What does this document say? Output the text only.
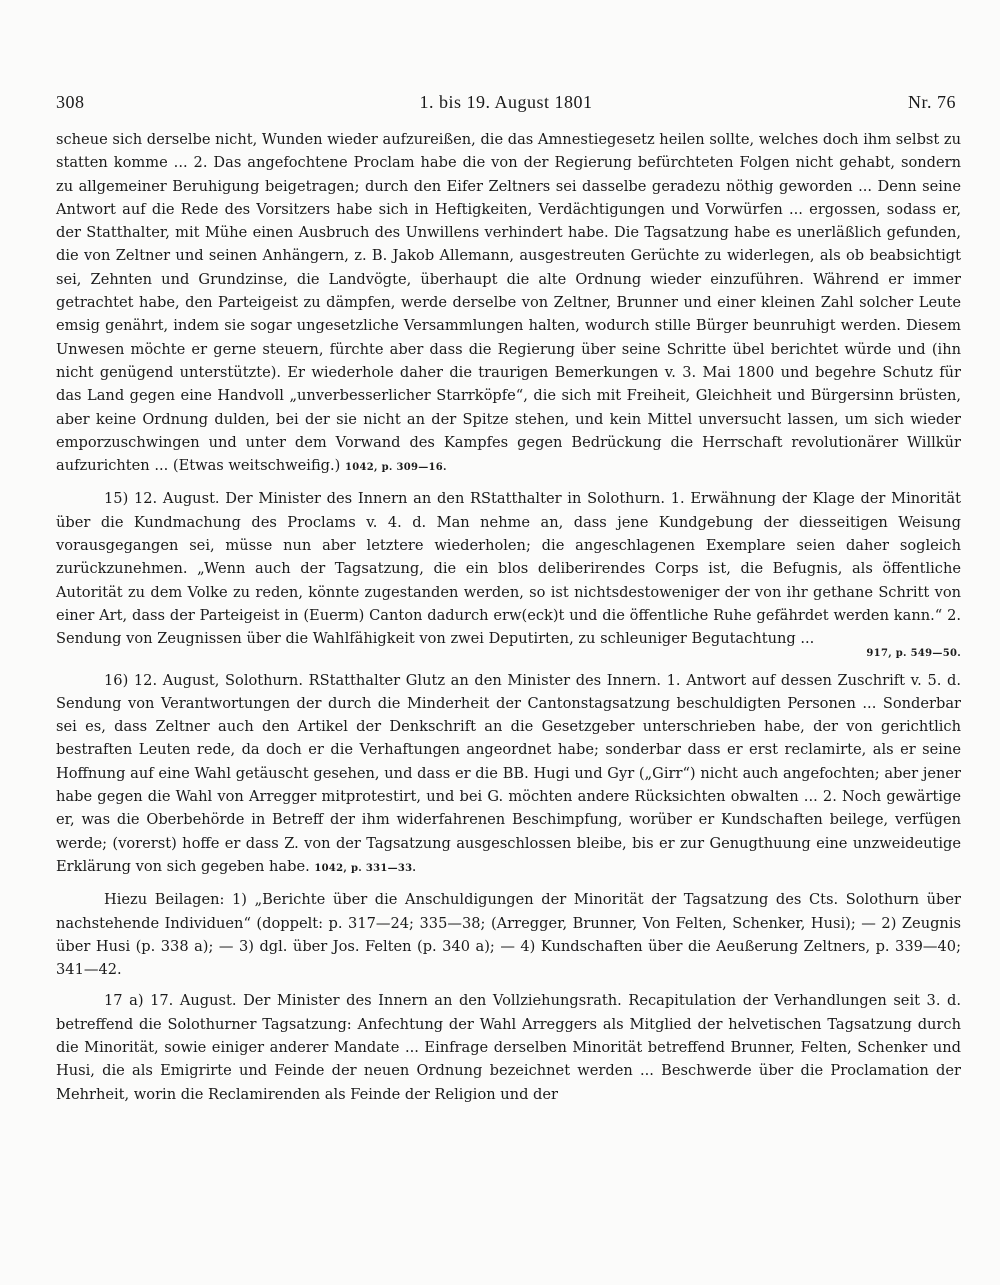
308	1. bis 19. August 1801	Nr. 76

scheue sich derselbe nicht, Wunden wieder aufzureißen, die das Amnestiegesetz heilen sollte, welches doch ihm selbst zu statten komme ... 2. Das angefochtene Proclam habe die von der Regierung befürchteten Folgen nicht gehabt, sondern zu allgemeiner Beruhigung beigetragen; durch den Eifer Zeltners sei dasselbe geradezu nöthig geworden ... Denn seine Antwort auf die Rede des Vorsitzers habe sich in Heftigkeiten, Verdächtigungen und Vorwürfen ... ergossen, sodass er, der Statthalter, mit Mühe einen Ausbruch des Unwillens verhindert habe. Die Tagsatzung habe es unerläßlich gefunden, die von Zeltner und seinen Anhängern, z. B. Jakob Allemann, ausgestreuten Gerüchte zu widerlegen, als ob beabsichtigt sei, Zehnten und Grundzinse, die Landvögte, überhaupt die alte Ordnung wieder einzuführen. Während er immer getrachtet habe, den Parteigeist zu dämpfen, werde derselbe von Zeltner, Brunner und einer kleinen Zahl solcher Leute emsig genährt, indem sie sogar ungesetzliche Versammlungen halten, wodurch stille Bürger beunruhigt werden. Diesem Unwesen möchte er gerne steuern, fürchte aber dass die Regierung über seine Schritte übel berichtet würde und (ihn nicht genügend unterstützte). Er wiederhole daher die traurigen Bemerkungen v. 3. Mai 1800 und begehre Schutz für das Land gegen eine Handvoll „unverbesserlicher Starrköpfe“, die sich mit Freiheit, Gleichheit und Bürgersinn brüsten, aber keine Ordnung dulden, bei der sie nicht an der Spitze stehen, und kein Mittel unversucht lassen, um sich wieder emporzuschwingen und unter dem Vorwand des Kampfes gegen Bedrückung die Herrschaft revolutionärer Willkür aufzurichten ... (Etwas weitschweifig.) 1042, p. 309—16.

15) 12. August. Der Minister des Innern an den RStatthalter in Solothurn. 1. Erwähnung der Klage der Minorität über die Kundmachung des Proclams v. 4. d. Man nehme an, dass jene Kundgebung der diesseitigen Weisung vorausgegangen sei, müsse nun aber letztere wiederholen; die angeschlagenen Exemplare seien daher sogleich zurückzunehmen. „Wenn auch der Tagsatzung, die ein blos deliberirendes Corps ist, die Befugnis, als öffentliche Autorität zu dem Volke zu reden, könnte zugestanden werden, so ist nichtsdestoweniger der von ihr gethane Schritt von einer Art, dass der Parteigeist in (Euerm) Canton dadurch erw(eck)t und die öffentliche Ruhe gefährdet werden kann.“ 2. Sendung von Zeugnissen über die Wahlfähigkeit von zwei Deputirten, zu schleuniger Begutachtung ...
917, p. 549—50.

16) 12. August, Solothurn. RStatthalter Glutz an den Minister des Innern. 1. Antwort auf dessen Zuschrift v. 5. d. Sendung von Verantwortungen der durch die Minderheit der Cantonstagsatzung beschuldigten Personen ... Sonderbar sei es, dass Zeltner auch den Artikel der Denkschrift an die Gesetzgeber unterschrieben habe, der von gerichtlich bestraften Leuten rede, da doch er die Verhaftungen angeordnet habe; sonderbar dass er erst reclamirte, als er seine Hoffnung auf eine Wahl getäuscht gesehen, und dass er die BB. Hugi und Gyr („Girr“) nicht auch angefochten; aber jener habe gegen die Wahl von Arregger mitprotestirt, und bei G. möchten andere Rücksichten obwalten ... 2. Noch gewärtige er, was die Oberbehörde in Betreff der ihm widerfahrenen Beschimpfung, worüber er Kundschaften beilege, verfügen werde; (vorerst) hoffe er dass Z. von der Tagsatzung ausgeschlossen bleibe, bis er zur Genugthuung eine unzweideutige Erklärung von sich gegeben habe. 1042, p. 331—33.

Hiezu Beilagen: 1) „Berichte über die Anschuldigungen der Minorität der Tagsatzung des Cts. Solothurn über nachstehende Individuen“ (doppelt: p. 317—24; 335—38; (Arregger, Brunner, Von Felten, Schenker, Husi); — 2) Zeugnis über Husi (p. 338 a); — 3) dgl. über Jos. Felten (p. 340 a); — 4) Kundschaften über die Aeußerung Zeltners, p. 339—40; 341—42.

17 a) 17. August. Der Minister des Innern an den Vollziehungsrath. Recapitulation der Verhandlungen seit 3. d. betreffend die Solothurner Tagsatzung: Anfechtung der Wahl Arreggers als Mitglied der helvetischen Tagsatzung durch die Minorität, sowie einiger anderer Mandate ... Einfrage derselben Minorität betreffend Brunner, Felten, Schenker und Husi, die als Emigrirte und Feinde der neuen Ordnung bezeichnet werden ... Beschwerde über die Proclamation der Mehrheit, worin die Reclamirenden als Feinde der Religion und der
